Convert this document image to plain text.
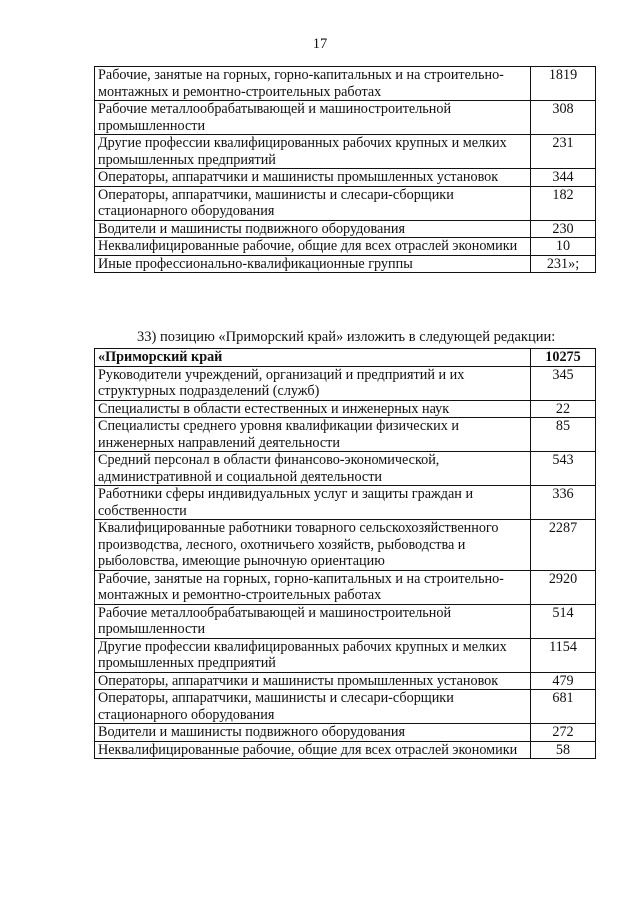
17
Рабочие, занятые на горных, горно-капитальных и на строительно-монтажных и ремонтно-строительных работах	1819
Рабочие металлообрабатывающей и машиностроительной промышленности	308
Другие профессии квалифицированных рабочих крупных и мелких промышленных предприятий	231
Операторы, аппаратчики и машинисты промышленных установок	344
Операторы, аппаратчики, машинисты и слесари-сборщики стационарного оборудования	182
Водители и машинисты подвижного оборудования	230
Неквалифицированные рабочие, общие для всех отраслей экономики	10
Иные профессионально-квалификационные группы	231»;
33) позицию «Приморский край» изложить в следующей редакции:
«Приморский край	10275
Руководители учреждений, организаций и предприятий и их структурных подразделений (служб)	345
Специалисты в области естественных и инженерных наук	22
Специалисты среднего уровня квалификации физических и инженерных направлений деятельности	85
Средний персонал в области финансово-экономической, административной и социальной деятельности	543
Работники сферы индивидуальных услуг и защиты граждан и собственности	336
Квалифицированные работники товарного сельскохозяйственного производства, лесного, охотничьего хозяйств, рыбоводства и рыболовства, имеющие рыночную ориентацию	2287
Рабочие, занятые на горных, горно-капитальных и на строительно-монтажных и ремонтно-строительных работах	2920
Рабочие металлообрабатывающей и машиностроительной промышленности	514
Другие профессии квалифицированных рабочих крупных и мелких промышленных предприятий	1154
Операторы, аппаратчики и машинисты промышленных установок	479
Операторы, аппаратчики, машинисты и слесари-сборщики стационарного оборудования	681
Водители и машинисты подвижного оборудования	272
Неквалифицированные рабочие, общие для всех отраслей экономики	58
